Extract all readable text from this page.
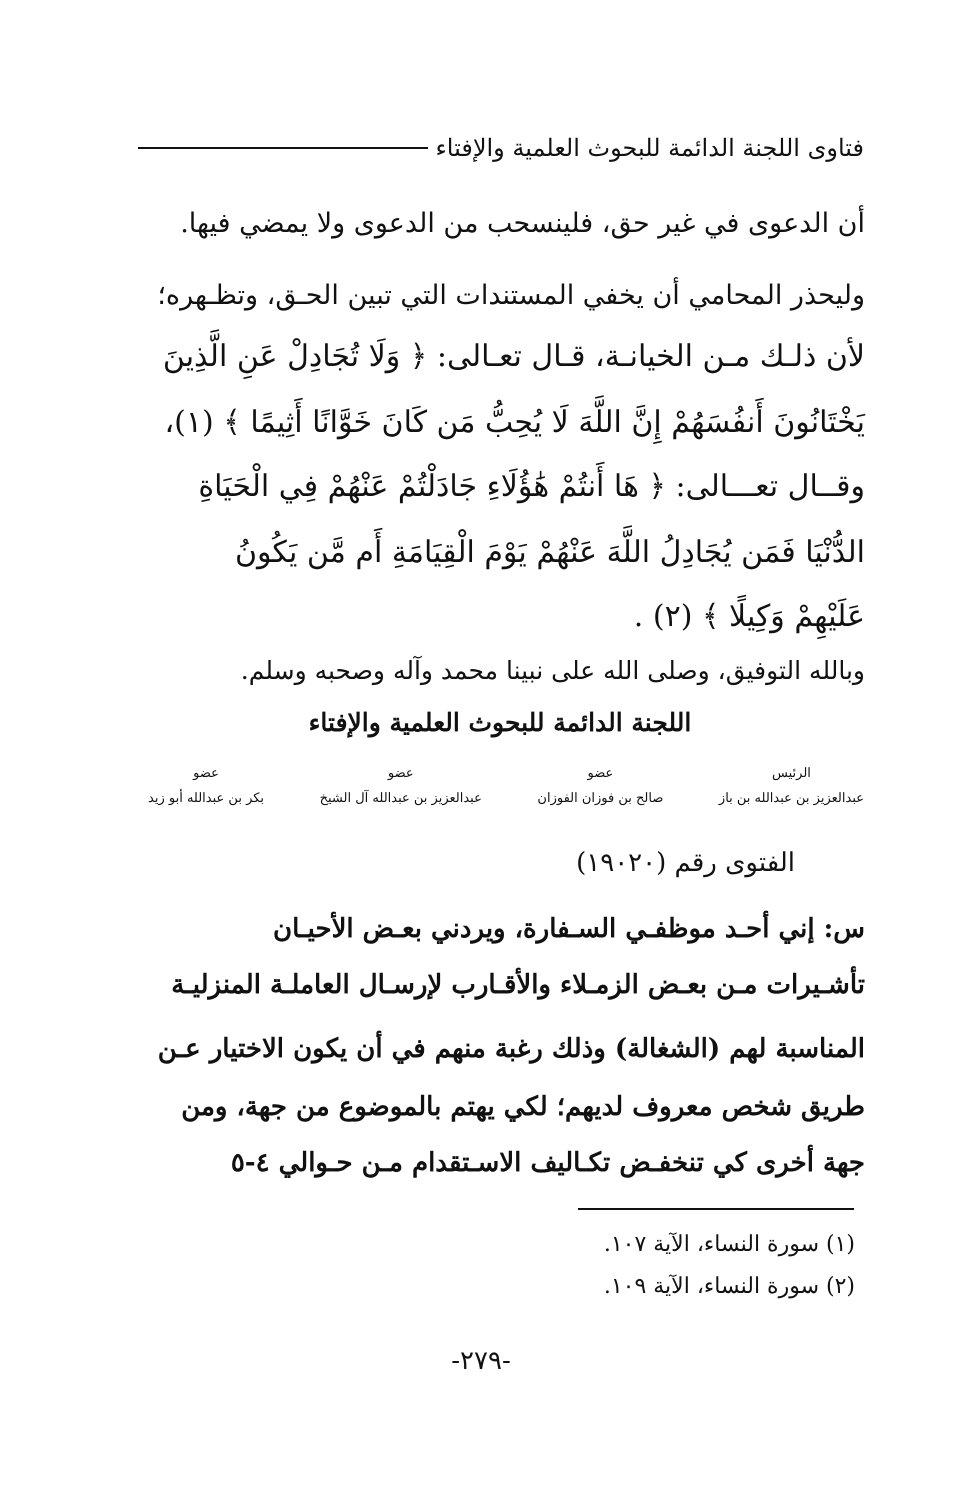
فتاوى اللجنة الدائمة للبحوث العلمية والإفتاء
أن الدعوى في غير حق، فلينسحب من الدعوى ولا يمضي فيها.
وليحذر المحامي أن يخفي المستندات التي تبين الحـق، وتظـهره؛
لأن ذلـك مـن الخيانـة، قـال تعـالى: ﴿ وَلَا تُجَادِلْ عَنِ الَّذِينَ
يَخْتَانُونَ أَنفُسَهُمْ إِنَّ اللَّهَ لَا يُحِبُّ مَن كَانَ خَوَّانًا أَثِيمًا ﴾ (١)،
وقــال تعـــالى: ﴿ هَا أَنتُمْ هَٰؤُلَاءِ جَادَلْتُمْ عَنْهُمْ فِي الْحَيَاةِ
الدُّنْيَا فَمَن يُجَادِلُ اللَّهَ عَنْهُمْ يَوْمَ الْقِيَامَةِ أَم مَّن يَكُونُ
عَلَيْهِمْ وَكِيلًا ﴾ (٢) .
وبالله التوفيق، وصلى الله على نبينا محمد وآله وصحبه وسلم.
اللجنة الدائمة للبحوث العلمية والإفتاء
عضو
بكر بن عبدالله أبو زيد
عضو
عبدالعزيز بن عبدالله آل الشيخ
عضو
صالح بن فوزان الفوزان
الرئيس
عبدالعزيز بن عبدالله بن باز
الفتوى رقم (١٩٠٢٠)
س: إني أحـد موظفـي السـفارة، ويردني بعـض الأحيـان
تأشـيرات مـن بعـض الزمـلاء والأقـارب لإرسـال العاملـة المنزليـة
المناسبة لهم (الشغالة) وذلك رغبة منهم في أن يكون الاختيار عـن
طريق شخص معروف لديهم؛ لكي يهتم بالموضوع من جهة، ومن
جهة أخرى كي تنخفـض تكـاليف الاسـتقدام مـن حـوالي ٤-٥
(١) سورة النساء، الآية ١٠٧.
(٢) سورة النساء، الآية ١٠٩.
-٢٧٩-
